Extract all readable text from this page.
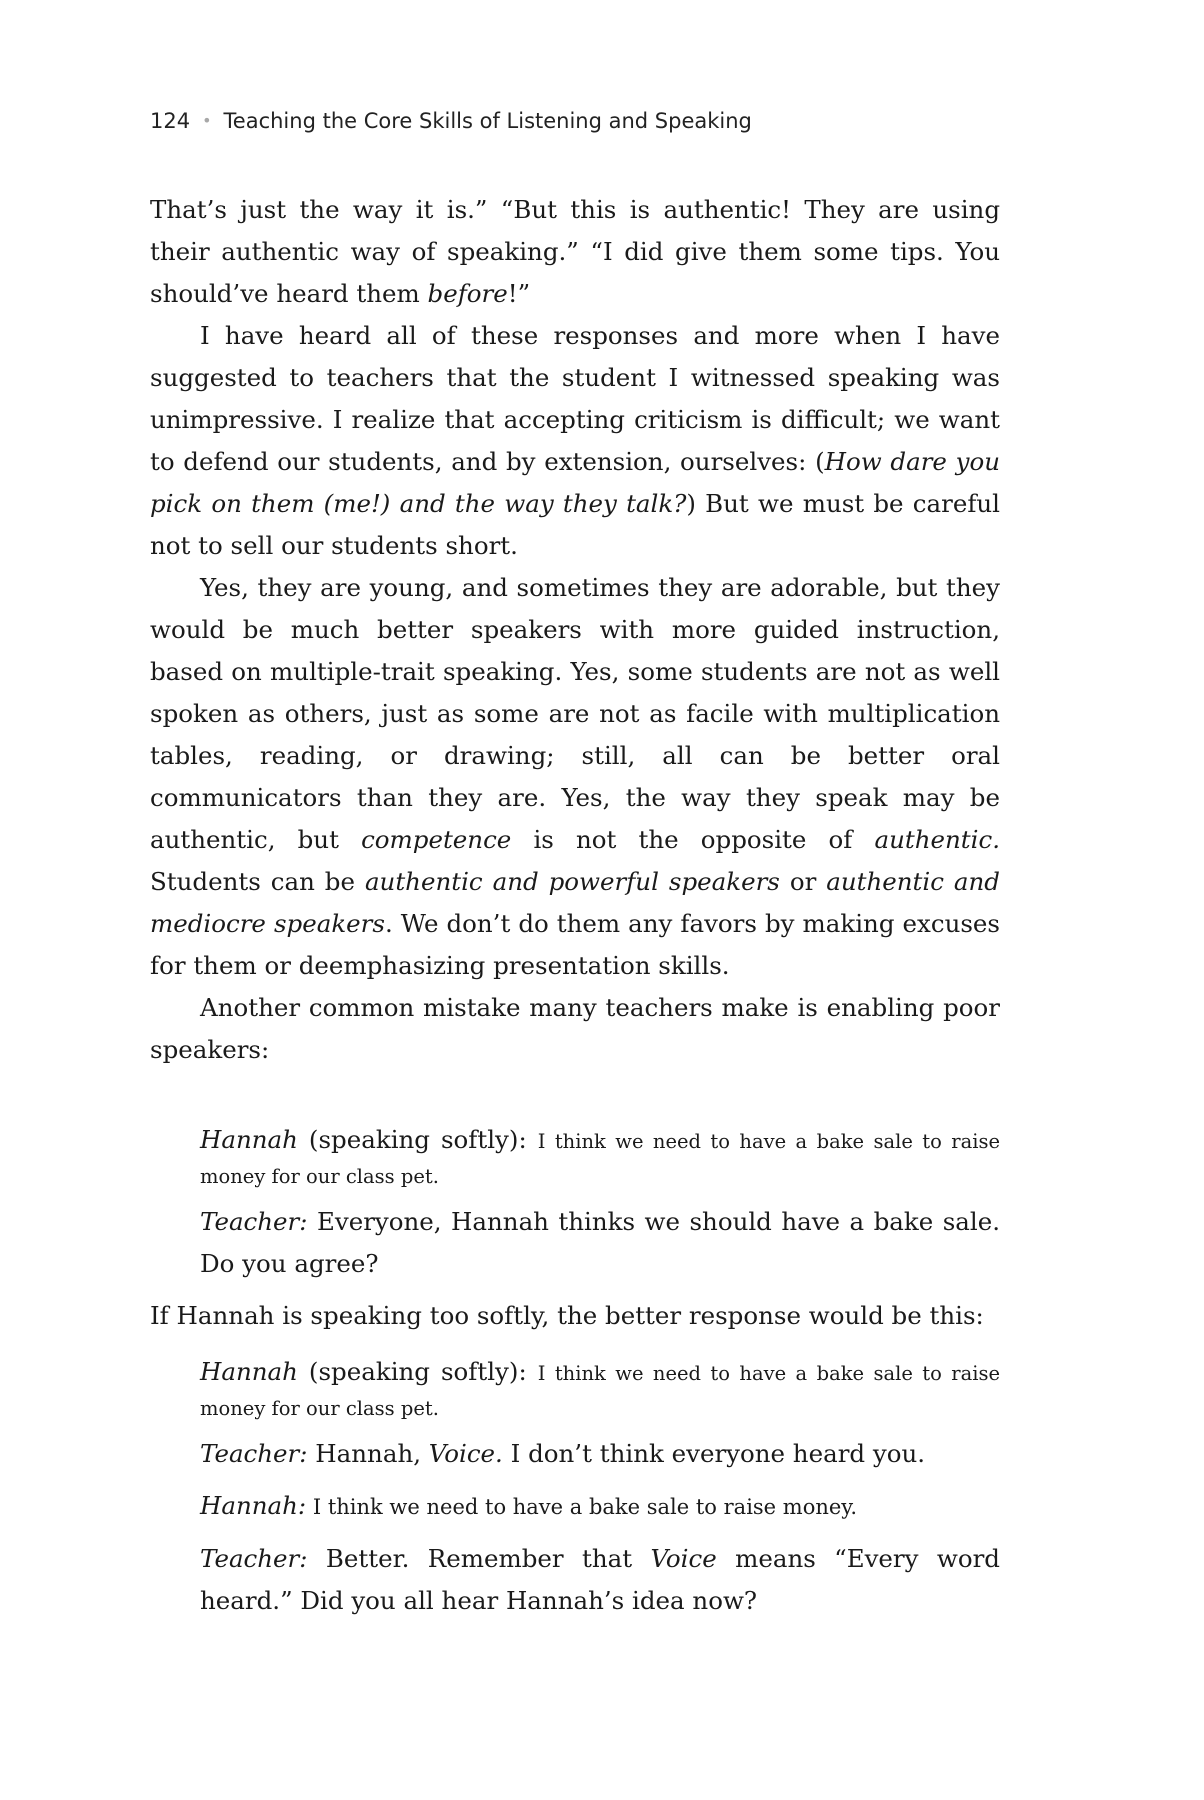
124 • Teaching the Core Skills of Listening and Speaking

That’s just the way it is.” “But this is authentic! They are using their authentic way of speaking.” “I did give them some tips. You should’ve heard them before!”

I have heard all of these responses and more when I have suggested to teachers that the student I witnessed speaking was unimpressive. I realize that accepting criticism is difficult; we want to defend our students, and by extension, ourselves: (How dare you pick on them (me!) and the way they talk?) But we must be careful not to sell our students short.

Yes, they are young, and sometimes they are adorable, but they would be much better speakers with more guided instruction, based on multiple-trait speaking. Yes, some students are not as well spoken as others, just as some are not as facile with multiplication tables, reading, or drawing; still, all can be better oral communicators than they are. Yes, the way they speak may be authentic, but competence is not the opposite of authentic. Students can be authentic and powerful speakers or authentic and mediocre speakers. We don’t do them any favors by making excuses for them or deemphasizing presentation skills.

Another common mistake many teachers make is enabling poor speakers:

Hannah (speaking softly): I think we need to have a bake sale to raise money for our class pet.
Teacher: Everyone, Hannah thinks we should have a bake sale. Do you agree?

If Hannah is speaking too softly, the better response would be this:

Hannah (speaking softly): I think we need to have a bake sale to raise money for our class pet.
Teacher: Hannah, Voice. I don’t think everyone heard you.
Hannah: I think we need to have a bake sale to raise money.
Teacher: Better. Remember that Voice means “Every word heard.” Did you all hear Hannah’s idea now?
